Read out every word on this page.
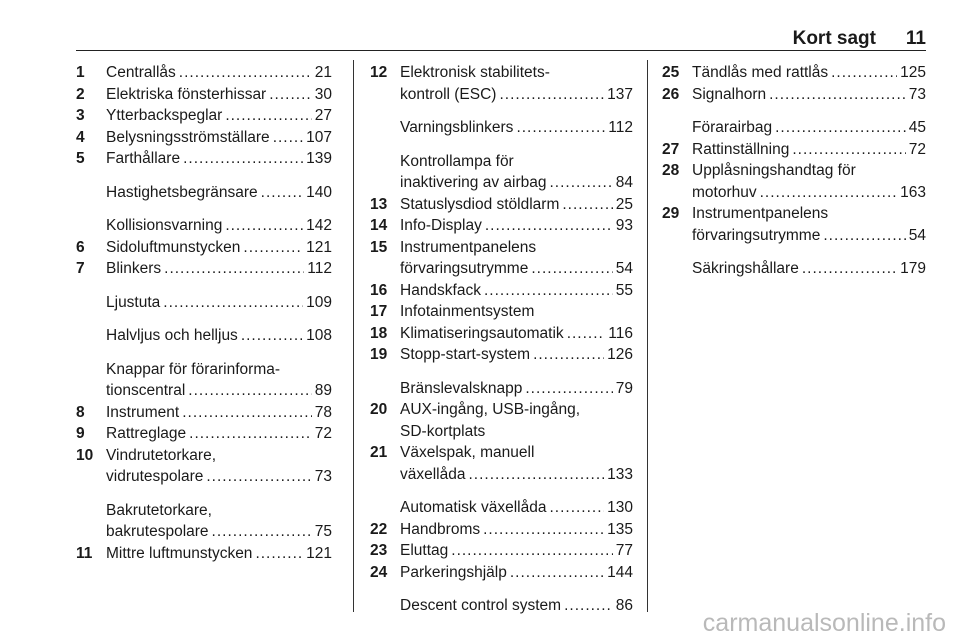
Kort sagt 11
1	Centrallås .....	21
2	Elektriska fönsterhissar .....	30
3	Ytterbackspeglar .....	27
4	Belysningsströmställare ..... 107
5	Farthållare .....	139
Hastighetsbegränsare .....	140
Kollisionsvarning .....	142
6	Sidoluftmunstycken .....	121
7	Blinkers .....	112
Ljustuta .....	109
Halvljus och helljus .....	108
Knappar för förarinforma-
tionscentral .....	89
8	Instrument .....	78
9	Rattreglage .....	72
10 Vindrutetorkare,
vidrutespolare .....	73
Bakrutetorkare,
bakrutespolare .....	75
11 Mittre luftmunstycken .....	121
12 Elektronisk stabilitets-
kontroll (ESC) .....	137
Varningsblinkers .....	112
Kontrollampa för
inaktivering av airbag .....	84
13 Statuslysdiod stöldlarm .....	25
14 Info-Display .....	93
15 Instrumentpanelens
förvaringsutrymme .....	54
16 Handskfack .....	55
17 Infotainmentsystem
18 Klimatiseringsautomatik .....	116
19 Stopp-start-system .....	126
Bränslevalsknapp .....	79
20 AUX-ingång, USB-ingång,
SD-kortplats
21 Växelspak, manuell
växellåda .....	133
Automatisk växellåda .....	130
22 Handbroms .....	135
23 Eluttag .....	77
24 Parkeringshjälp .....	144
Descent control system .....	86
25 Tändlås med rattlås .....	125
26 Signalhorn .....	73
Förarairbag .....	45
27 Rattinställning .....	72
28 Upplåsningshandtag för
motorhuv .....	163
29 Instrumentpanelens
förvaringsutrymme .....	54
Säkringshållare .....	179
carmanualsonline.info
